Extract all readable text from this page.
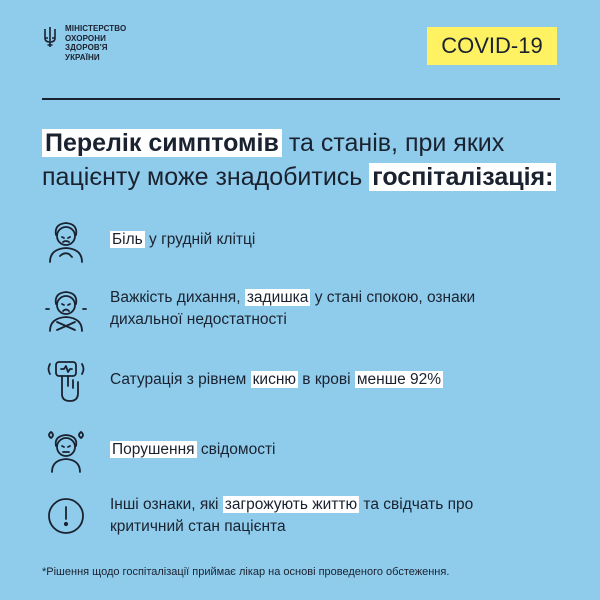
МІНІСТЕРСТВО
ОХОРОНИ
ЗДОРОВ'Я
УКРАЇНИ	COVID-19
Перелік симптомів та станів, при яких пацієнту може знадобитись госпіталізація:
Біль у грудній клітці
Важкість дихання, задишка у стані спокою, ознаки дихальної недостатності
Сатурація з рівнем кисню в крові менше 92%
Порушення свідомості
Інші ознаки, які загрожують життю та свідчать про критичний стан пацієнта
*Рішення щодо госпіталізації приймає лікар на основі проведеного обстеження.
